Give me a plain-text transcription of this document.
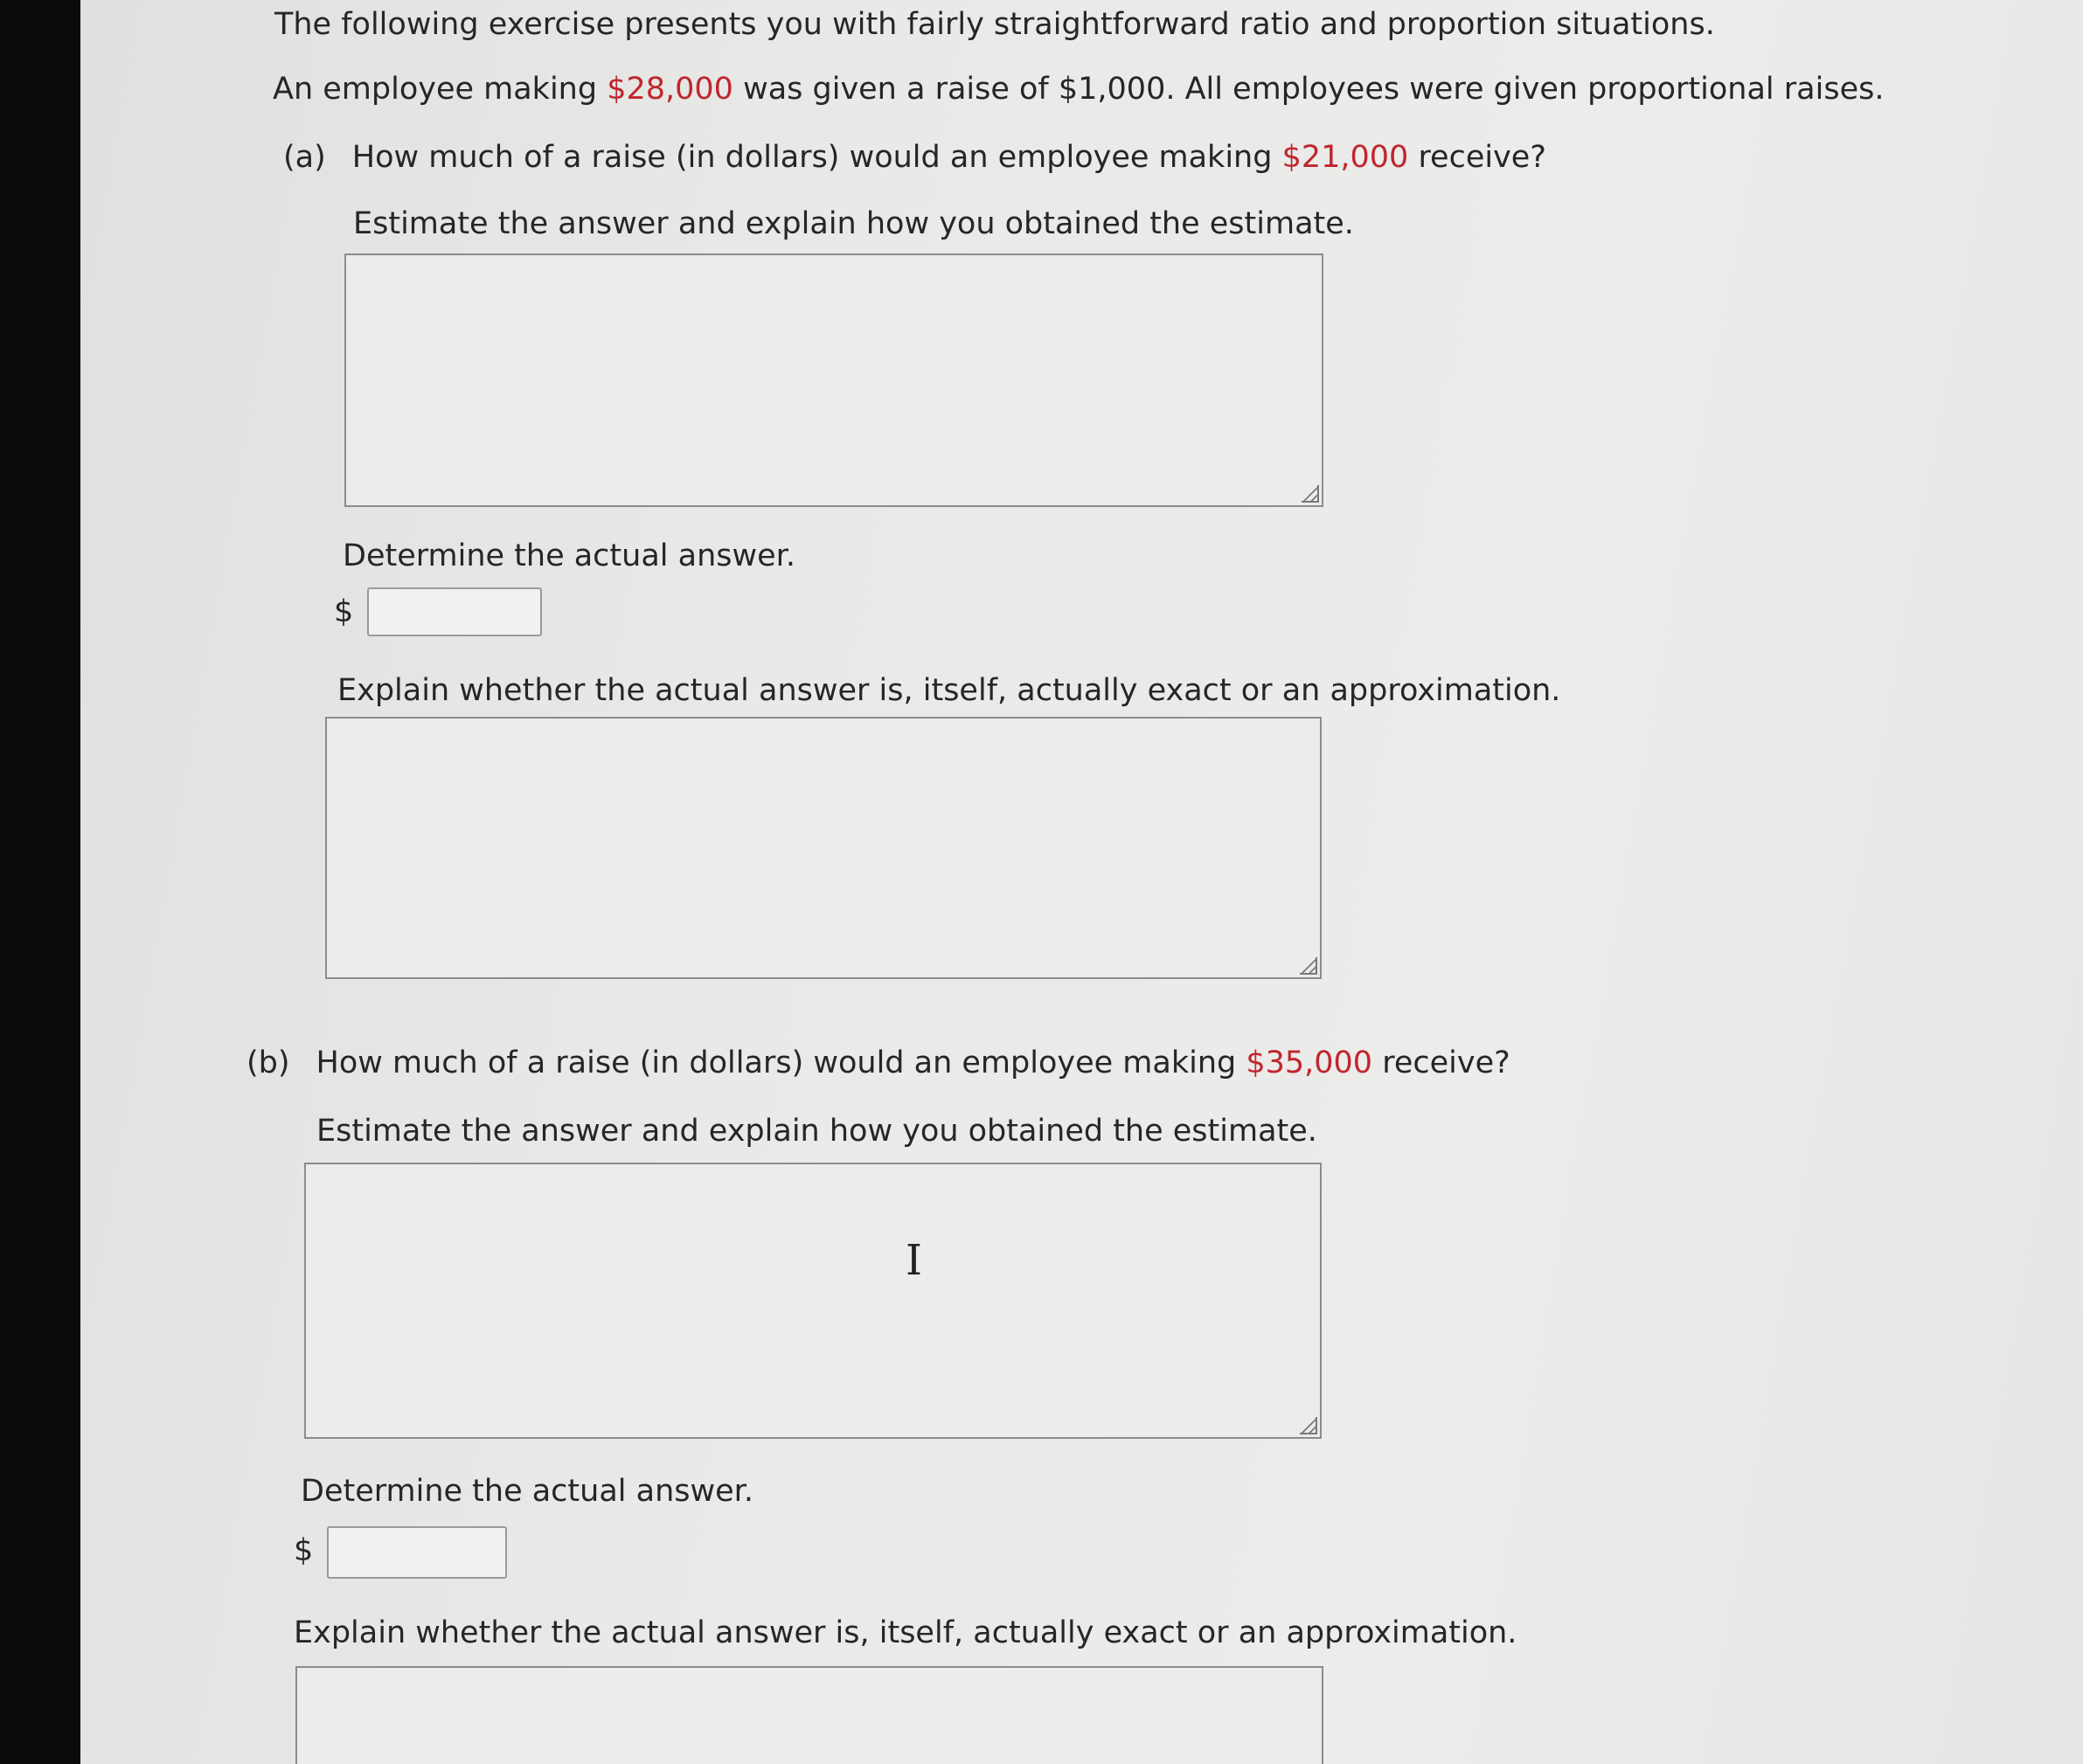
The following exercise presents you with fairly straightforward ratio and proportion situations.

An employee making $28,000 was given a raise of $1,000. All employees were given proportional raises.

(a) How much of a raise (in dollars) would an employee making $21,000 receive?

Estimate the answer and explain how you obtained the estimate.

Determine the actual answer.

$

Explain whether the actual answer is, itself, actually exact or an approximation.

(b) How much of a raise (in dollars) would an employee making $35,000 receive?

Estimate the answer and explain how you obtained the estimate.

I

Determine the actual answer.

$

Explain whether the actual answer is, itself, actually exact or an approximation.
